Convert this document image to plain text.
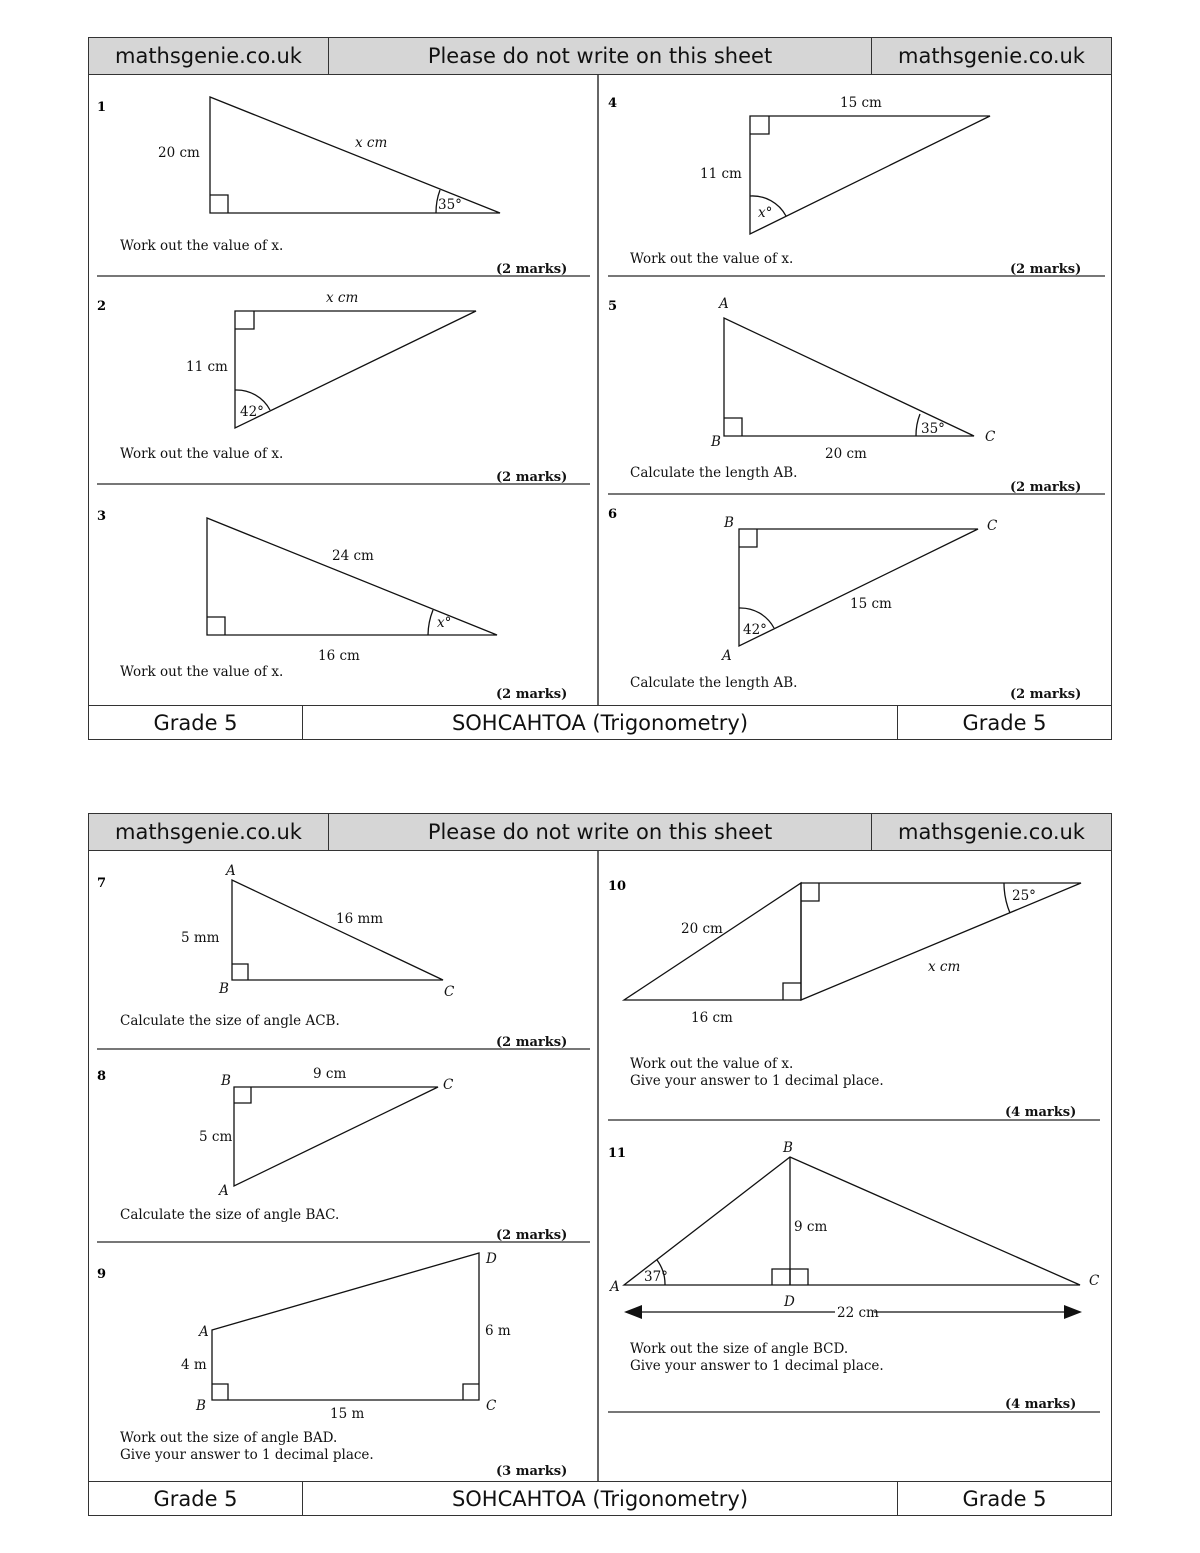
mathsgenie.co.uk	Please do not write on this sheet	mathsgenie.co.uk
Grade 5	SOHCAHTOA (Trigonometry)	Grade 5
mathsgenie.co.uk	Please do not write on this sheet	mathsgenie.co.uk
Grade 5	SOHCAHTOA (Trigonometry)	Grade 5
1
20 cm
x cm
35°
Work out the value of x.
(2 marks)
2
x cm
11 cm
42°
Work out the value of x.
(2 marks)
3
24 cm
16 cm
x°
Work out the value of x.
(2 marks)
4	15 cm
11 cm
x°
Work out the value of x.
(2 marks)
5	A
B	C
20 cm
35°
Calculate the length AB.
(2 marks)
6
B	C
A
15 cm
42°
Calculate the length AB.
(2 marks)
7
A
B	C
5 mm
16 mm
Calculate the size of angle ACB.
(2 marks)
8	B	C
A
9 cm
5 cm
Calculate the size of angle BAC.
(2 marks)
9
A
B	C
D
4 m
15 m
6 m
Work out the size of angle BAD.
Give your answer to 1 decimal place.
(3 marks)
10
20 cm
16 cm
x cm
25°
Work out the value of x.
Give your answer to 1 decimal place.
(4 marks)
11	B
A	C
D
9 cm
22 cm
37°
Work out the size of angle BCD.
Give your answer to 1 decimal place.
(4 marks)
